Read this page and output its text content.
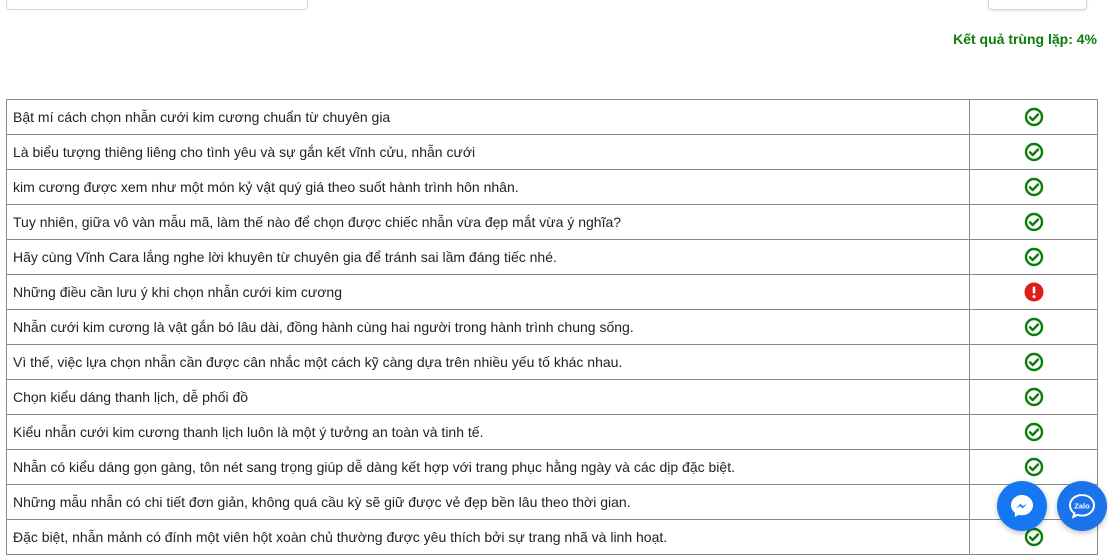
Kết quả trùng lặp: 4%
Bật mí cách chọn nhẫn cưới kim cương chuẩn từ chuyên gia	
Là biểu tượng thiêng liêng cho tình yêu và sự gắn kết vĩnh cửu, nhẫn cưới	
kim cương được xem như một món kỷ vật quý giá theo suốt hành trình hôn nhân.	
Tuy nhiên, giữa vô vàn mẫu mã, làm thế nào để chọn được chiếc nhẫn vừa đẹp mắt vừa ý nghĩa?	
Hãy cùng Vĩnh Cara lắng nghe lời khuyên từ chuyên gia để tránh sai lầm đáng tiếc nhé.	
Những điều cần lưu ý khi chọn nhẫn cưới kim cương	
Nhẫn cưới kim cương là vật gắn bó lâu dài, đồng hành cùng hai người trong hành trình chung sống.	
Vì thế, việc lựa chọn nhẫn cần được cân nhắc một cách kỹ càng dựa trên nhiều yếu tố khác nhau.	
Chọn kiểu dáng thanh lịch, dễ phối đồ	
Kiểu nhẫn cưới kim cương thanh lịch luôn là một ý tưởng an toàn và tinh tế.	
Nhẫn có kiểu dáng gọn gàng, tôn nét sang trọng giúp dễ dàng kết hợp với trang phục hằng ngày và các dịp đặc biệt.	
Những mẫu nhẫn có chi tiết đơn giản, không quá cầu kỳ sẽ giữ được vẻ đẹp bền lâu theo thời gian.	
Đặc biệt, nhẫn mảnh có đính một viên hột xoàn chủ thường được yêu thích bởi sự trang nhã và linh hoạt.	
Zalo
